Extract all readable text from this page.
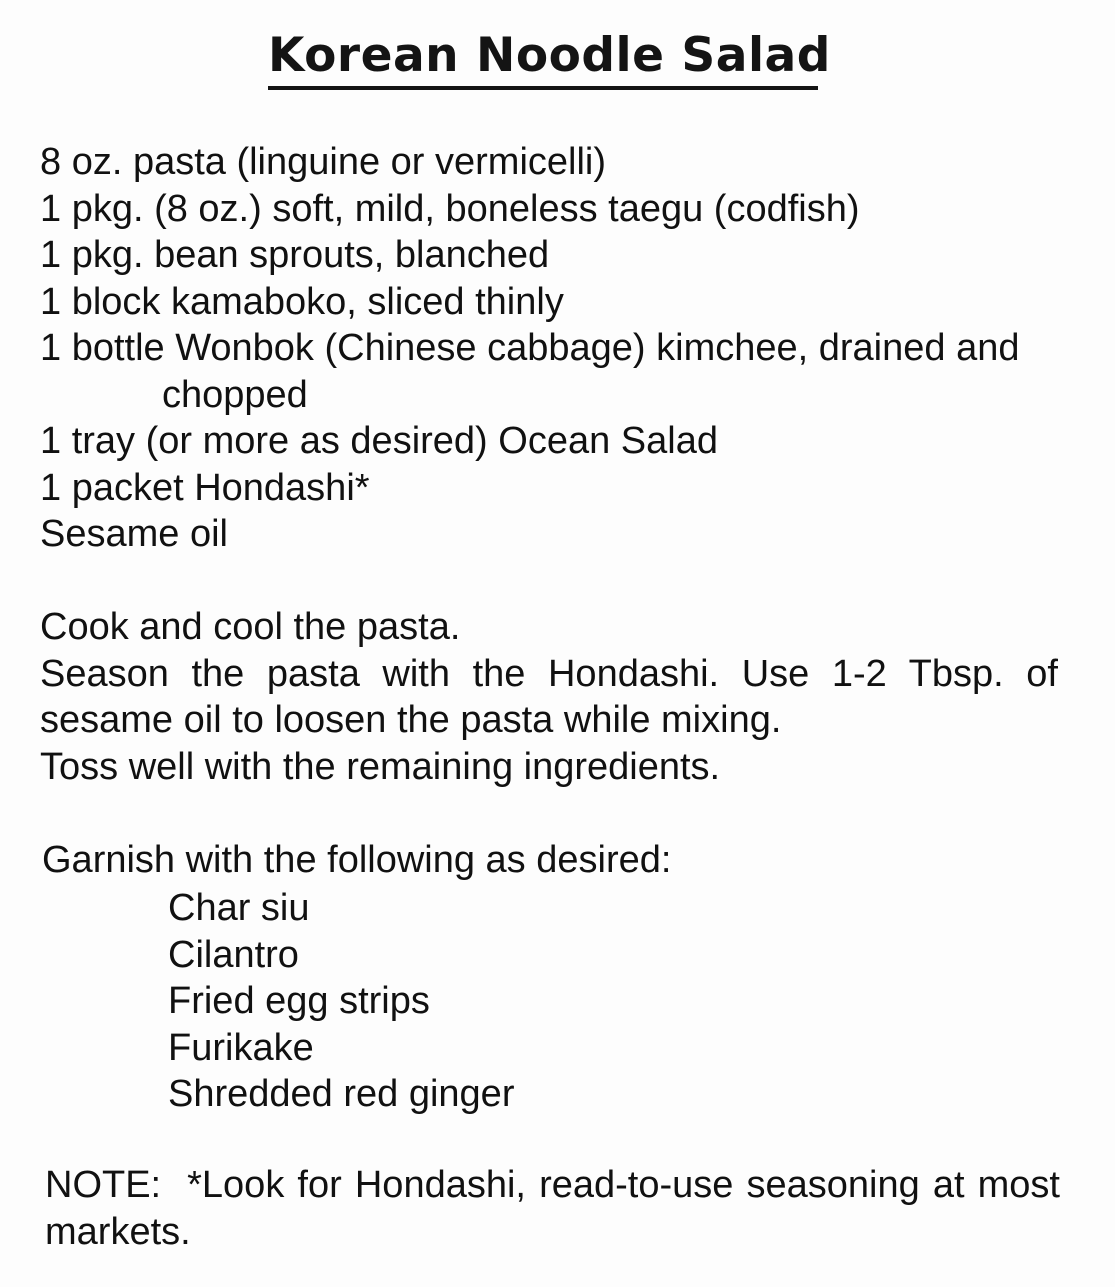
Korean Noodle Salad
8 oz. pasta (linguine or vermicelli)
1 pkg. (8 oz.) soft, mild, boneless taegu (codfish)
1 pkg. bean sprouts, blanched
1 block kamaboko, sliced thinly
1 bottle Wonbok (Chinese cabbage) kimchee, drained and
chopped
1 tray (or more as desired) Ocean Salad
1 packet Hondashi*
Sesame oil
Cook and cool the pasta.
Season the pasta with the Hondashi. Use 1-2 Tbsp. of
sesame oil to loosen the pasta while mixing.
Toss well with the remaining ingredients.
Garnish with the following as desired:
Char siu
Cilantro
Fried egg strips
Furikake
Shredded red ginger
NOTE: *Look for Hondashi, read-to-use seasoning at most
markets.
